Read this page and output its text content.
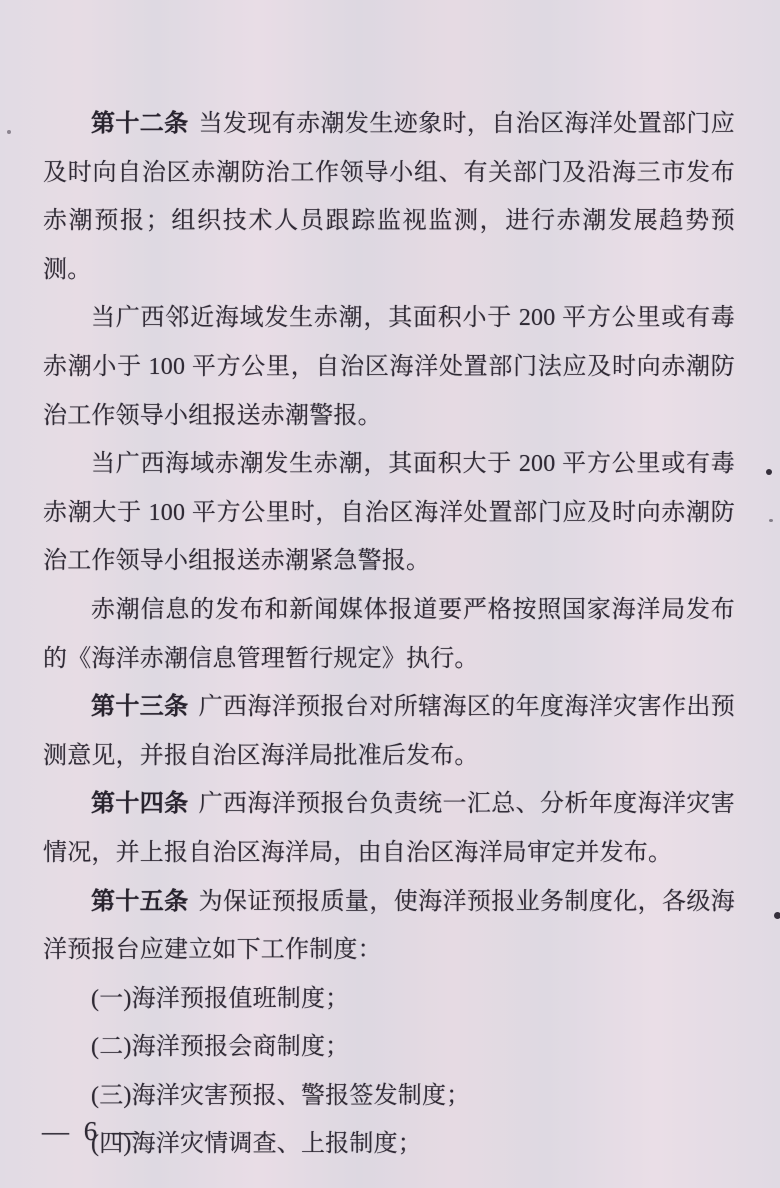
第十二条 当发现有赤潮发生迹象时，自治区海洋处置部门应及时向自治区赤潮防治工作领导小组、有关部门及沿海三市发布赤潮预报；组织技术人员跟踪监视监测，进行赤潮发展趋势预测。

当广西邻近海域发生赤潮，其面积小于 200 平方公里或有毒赤潮小于 100 平方公里，自治区海洋处置部门法应及时向赤潮防治工作领导小组报送赤潮警报。

当广西海域赤潮发生赤潮，其面积大于 200 平方公里或有毒赤潮大于 100 平方公里时，自治区海洋处置部门应及时向赤潮防治工作领导小组报送赤潮紧急警报。

赤潮信息的发布和新闻媒体报道要严格按照国家海洋局发布的《海洋赤潮信息管理暂行规定》执行。

第十三条 广西海洋预报台对所辖海区的年度海洋灾害作出预测意见，并报自治区海洋局批准后发布。

第十四条 广西海洋预报台负责统一汇总、分析年度海洋灾害情况，并上报自治区海洋局，由自治区海洋局审定并发布。

第十五条 为保证预报质量，使海洋预报业务制度化，各级海洋预报台应建立如下工作制度：

(一)海洋预报值班制度；

(二)海洋预报会商制度；

(三)海洋灾害预报、警报签发制度；

(四)海洋灾情调查、上报制度；

— 6 —
